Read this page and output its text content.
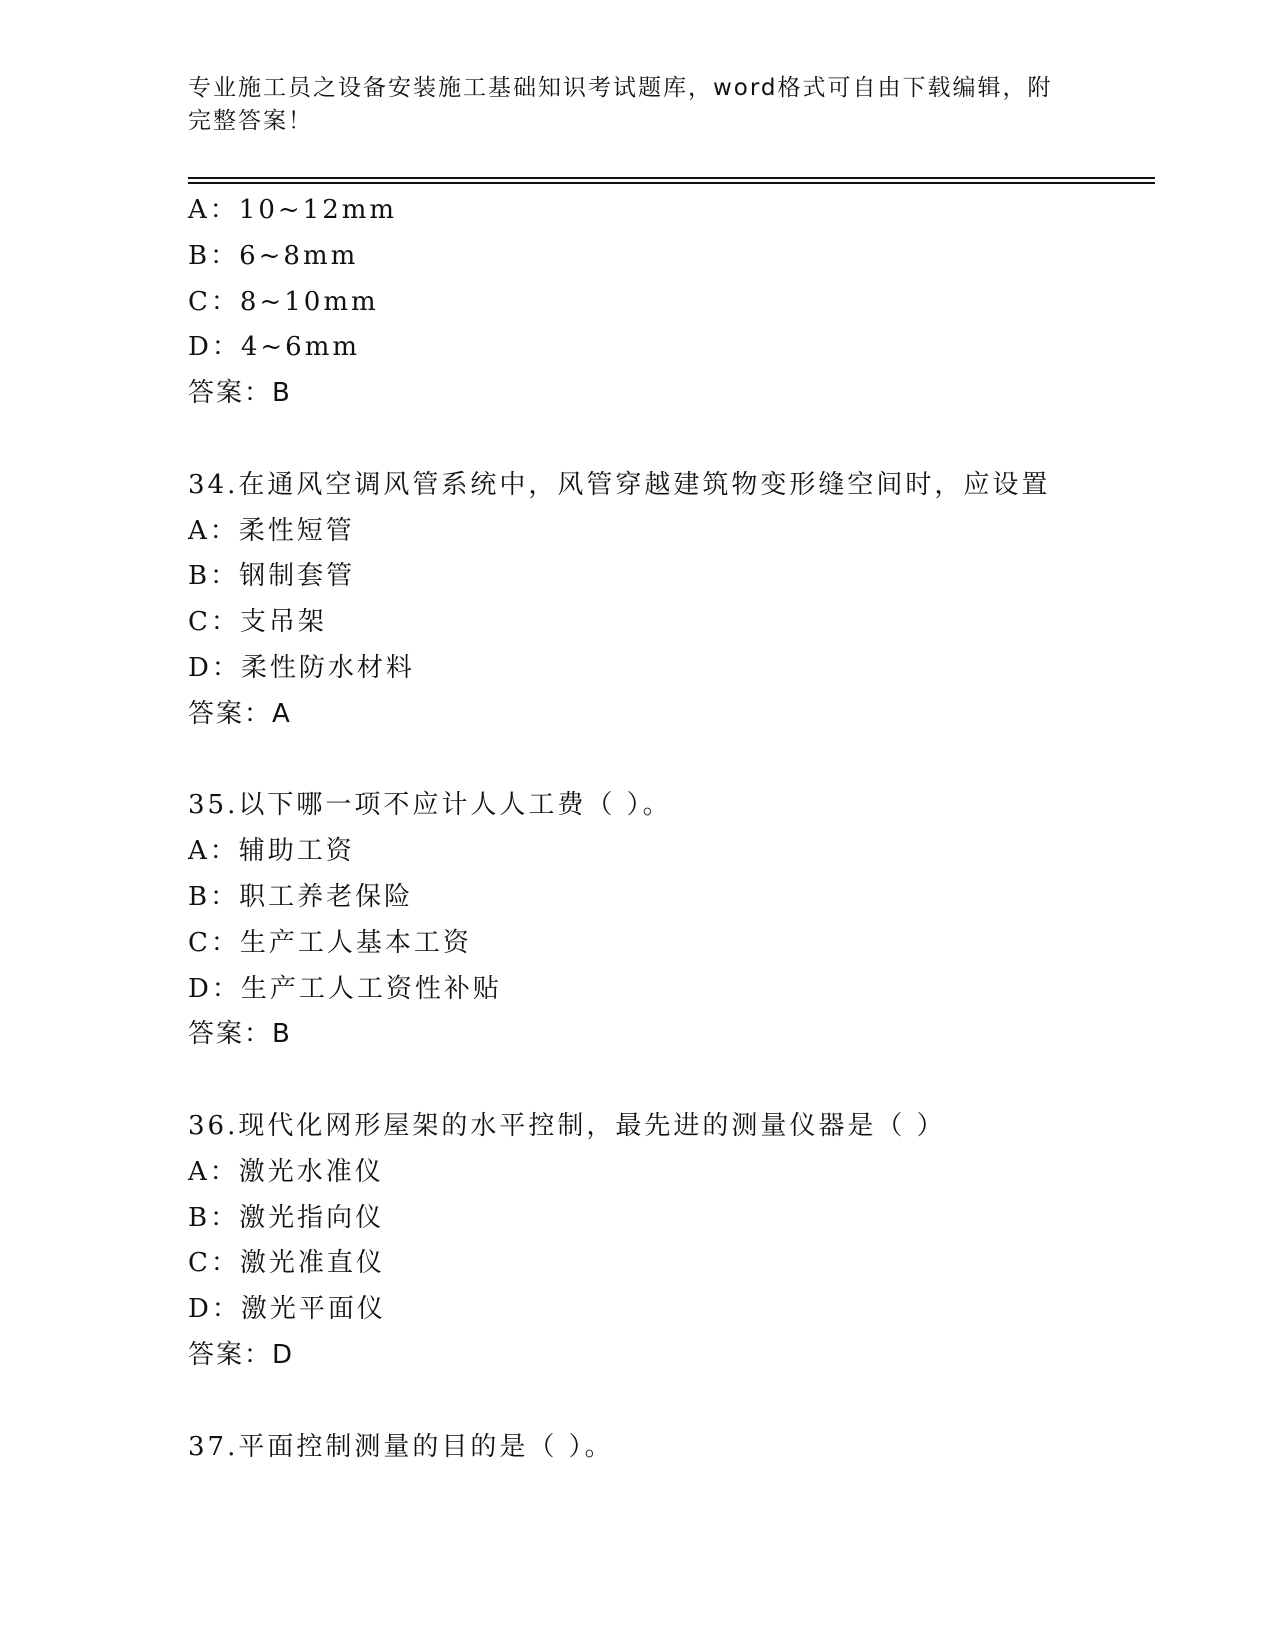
专业施工员之设备安装施工基础知识考试题库，word格式可自由下载编辑，附完整答案！
A：10~12mm
B：6~8mm
C：8~10mm
D：4~6mm
答案：B
34.在通风空调风管系统中，风管穿越建筑物变形缝空间时，应设置
A：柔性短管
B：钢制套管
C：支吊架
D：柔性防水材料
答案：A
35.以下哪一项不应计人人工费（ ）。
A：辅助工资
B：职工养老保险
C：生产工人基本工资
D：生产工人工资性补贴
答案：B
36.现代化网形屋架的水平控制，最先进的测量仪器是（ ）
A：激光水准仪
B：激光指向仪
C：激光准直仪
D：激光平面仪
答案：D
37.平面控制测量的目的是（ ）。
